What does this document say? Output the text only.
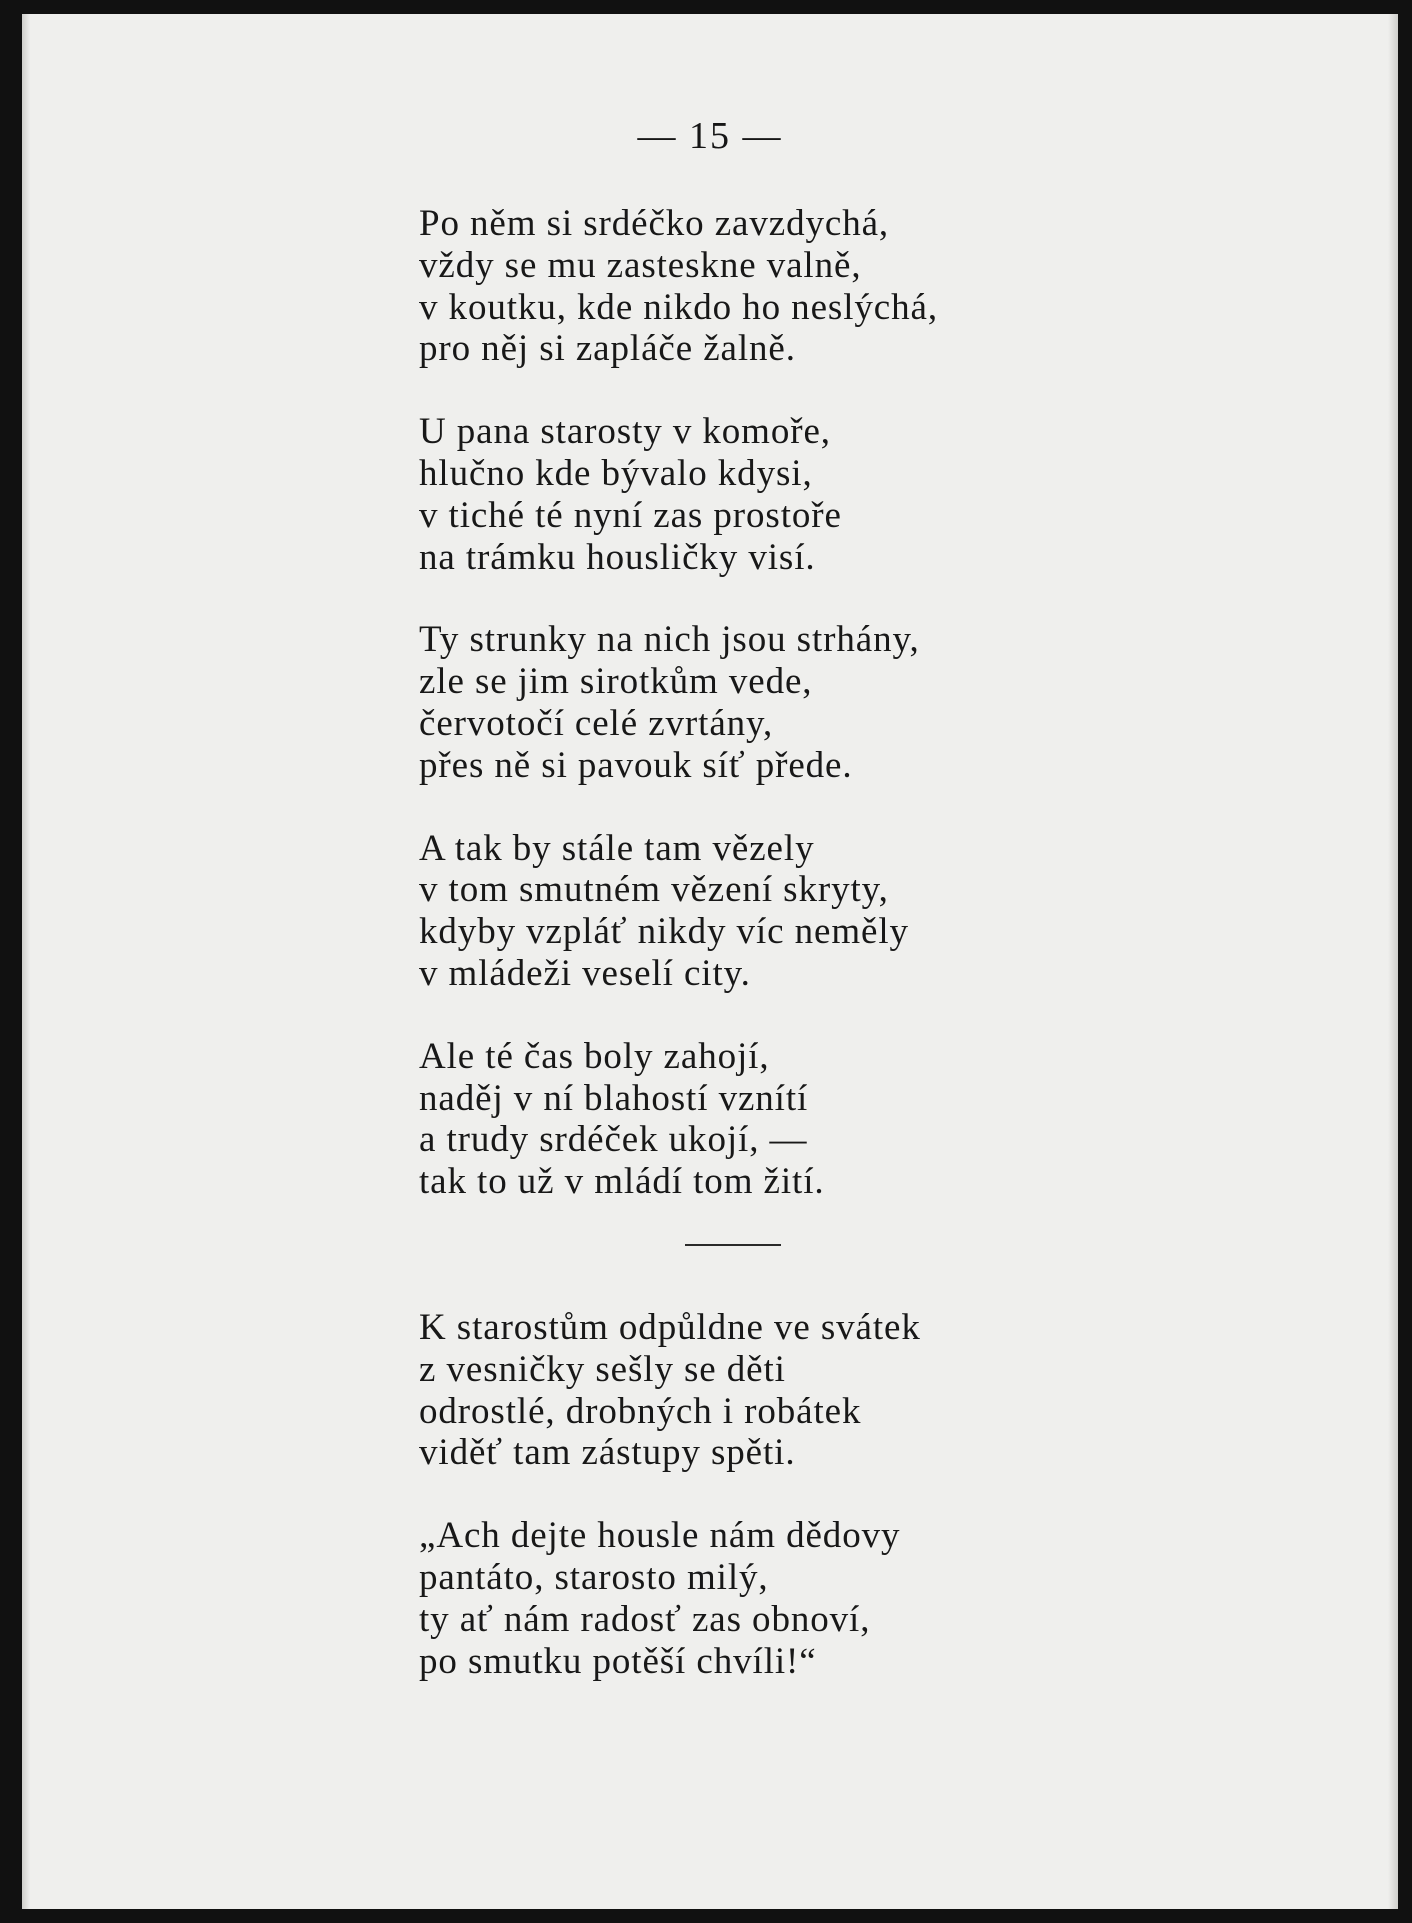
— 15 —
Po něm si srdéčko zavzdychá,
vždy se mu zasteskne valně,
v koutku, kde nikdo ho neslýchá,
pro něj si zapláče žalně.
U pana starosty v komoře,
hlučno kde bývalo kdysi,
v tiché té nyní zas prostoře
na trámku housličky visí.
Ty strunky na nich jsou strhány,
zle se jim sirotkům vede,
červotočí celé zvrtány,
přes ně si pavouk síť přede.
A tak by stále tam vězely
v tom smutném vězení skryty,
kdyby vzpláť nikdy víc neměly
v mládeži veselí city.
Ale té čas boly zahojí,
naděj v ní blahostí vznítí
a trudy srdéček ukojí, —
tak to už v mládí tom žití.
K starostům odpůldne ve svátek
z vesničky sešly se děti
odrostlé, drobných i robátek
viděť tam zástupy spěti.
„Ach dejte housle nám dědovy
pantáto, starosto milý,
ty ať nám radosť zas obnoví,
po smutku potěší chvíli!“
